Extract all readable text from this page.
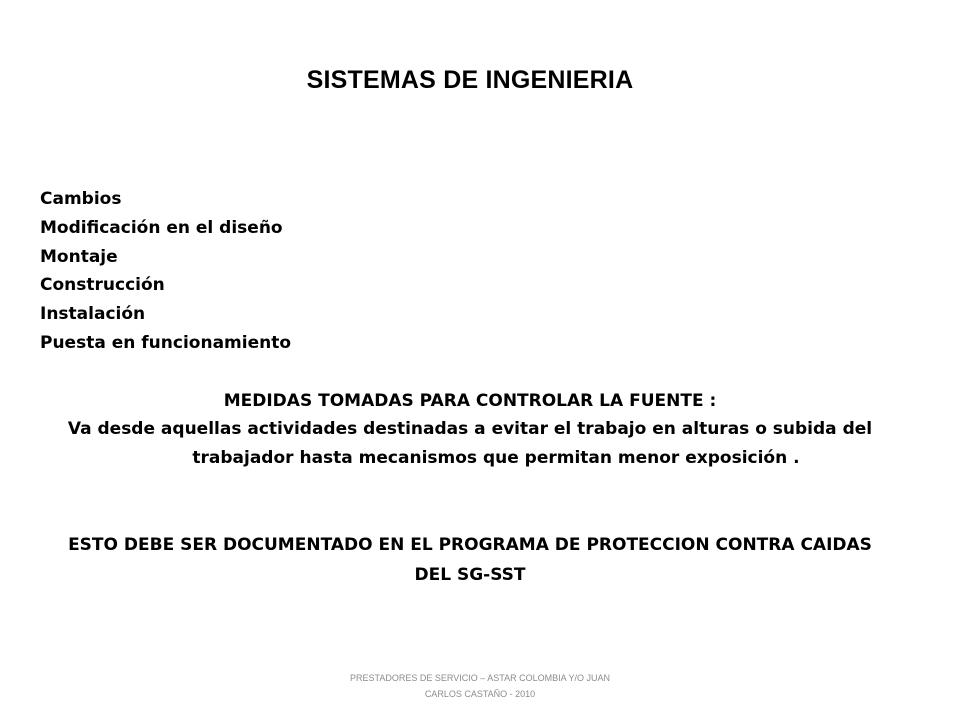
SISTEMAS DE INGENIERIA
Cambios
Modificación en el diseño
Montaje
Construcción
Instalación
Puesta en funcionamiento
MEDIDAS TOMADAS PARA CONTROLAR LA FUENTE :

Va desde aquellas actividades destinadas a evitar el trabajo en alturas o subida del
trabajador hasta mecanismos que permitan menor exposición .

ESTO DEBE SER DOCUMENTADO EN EL PROGRAMA DE PROTECCION CONTRA CAIDAS
DEL SG-SST

PRESTADORES DE SERVICIO – ASTAR COLOMBIA Y/O JUAN
CARLOS CASTAÑO - 2010
